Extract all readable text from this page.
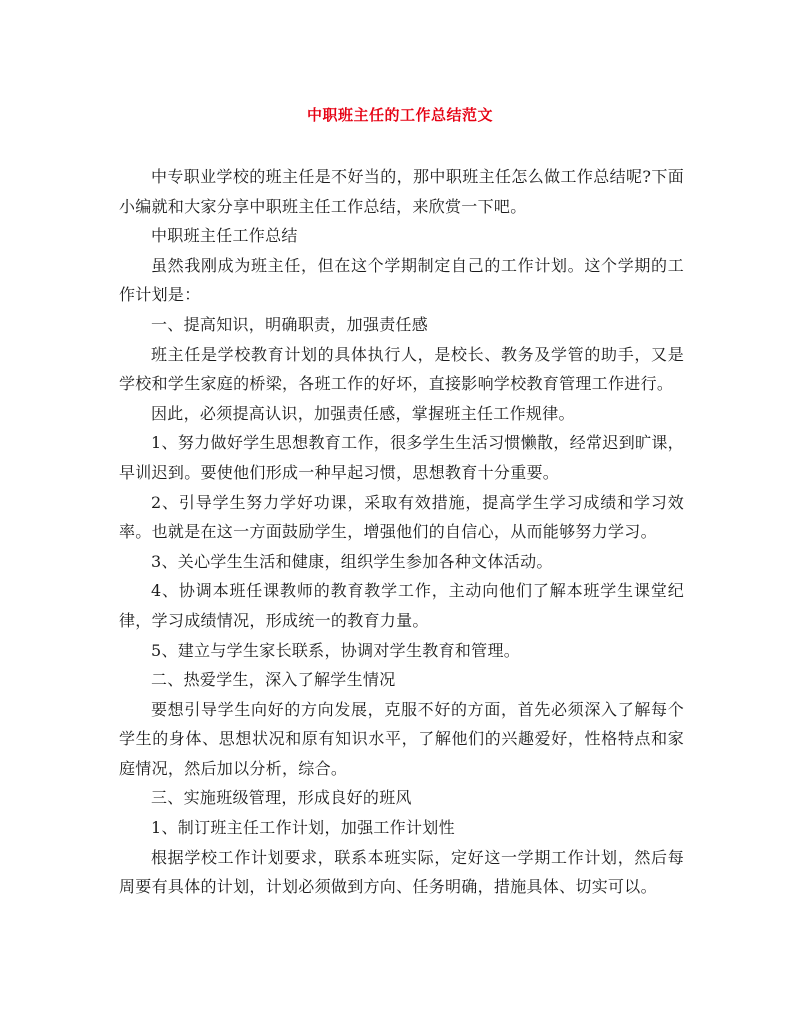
中职班主任的工作总结范文

中专职业学校的班主任是不好当的，那中职班主任怎么做工作总结呢?下面小编就和大家分享中职班主任工作总结，来欣赏一下吧。

中职班主任工作总结

虽然我刚成为班主任，但在这个学期制定自己的工作计划。这个学期的工作计划是：

一、提高知识，明确职责，加强责任感

班主任是学校教育计划的具体执行人，是校长、教务及学管的助手，又是学校和学生家庭的桥梁，各班工作的好坏，直接影响学校教育管理工作进行。

因此，必须提高认识，加强责任感，掌握班主任工作规律。

1、努力做好学生思想教育工作，很多学生生活习惯懒散，经常迟到旷课，早训迟到。要使他们形成一种早起习惯，思想教育十分重要。

2、引导学生努力学好功课，采取有效措施，提高学生学习成绩和学习效率。也就是在这一方面鼓励学生，增强他们的自信心，从而能够努力学习。

3、关心学生生活和健康，组织学生参加各种文体活动。

4、协调本班任课教师的教育教学工作，主动向他们了解本班学生课堂纪律，学习成绩情况，形成统一的教育力量。

5、建立与学生家长联系，协调对学生教育和管理。

二、热爱学生，深入了解学生情况

要想引导学生向好的方向发展，克服不好的方面，首先必须深入了解每个学生的身体、思想状况和原有知识水平，了解他们的兴趣爱好，性格特点和家庭情况，然后加以分析，综合。

三、实施班级管理，形成良好的班风

1、制订班主任工作计划，加强工作计划性

根据学校工作计划要求，联系本班实际，定好这一学期工作计划，然后每周要有具体的计划，计划必须做到方向、任务明确，措施具体、切实可以。
